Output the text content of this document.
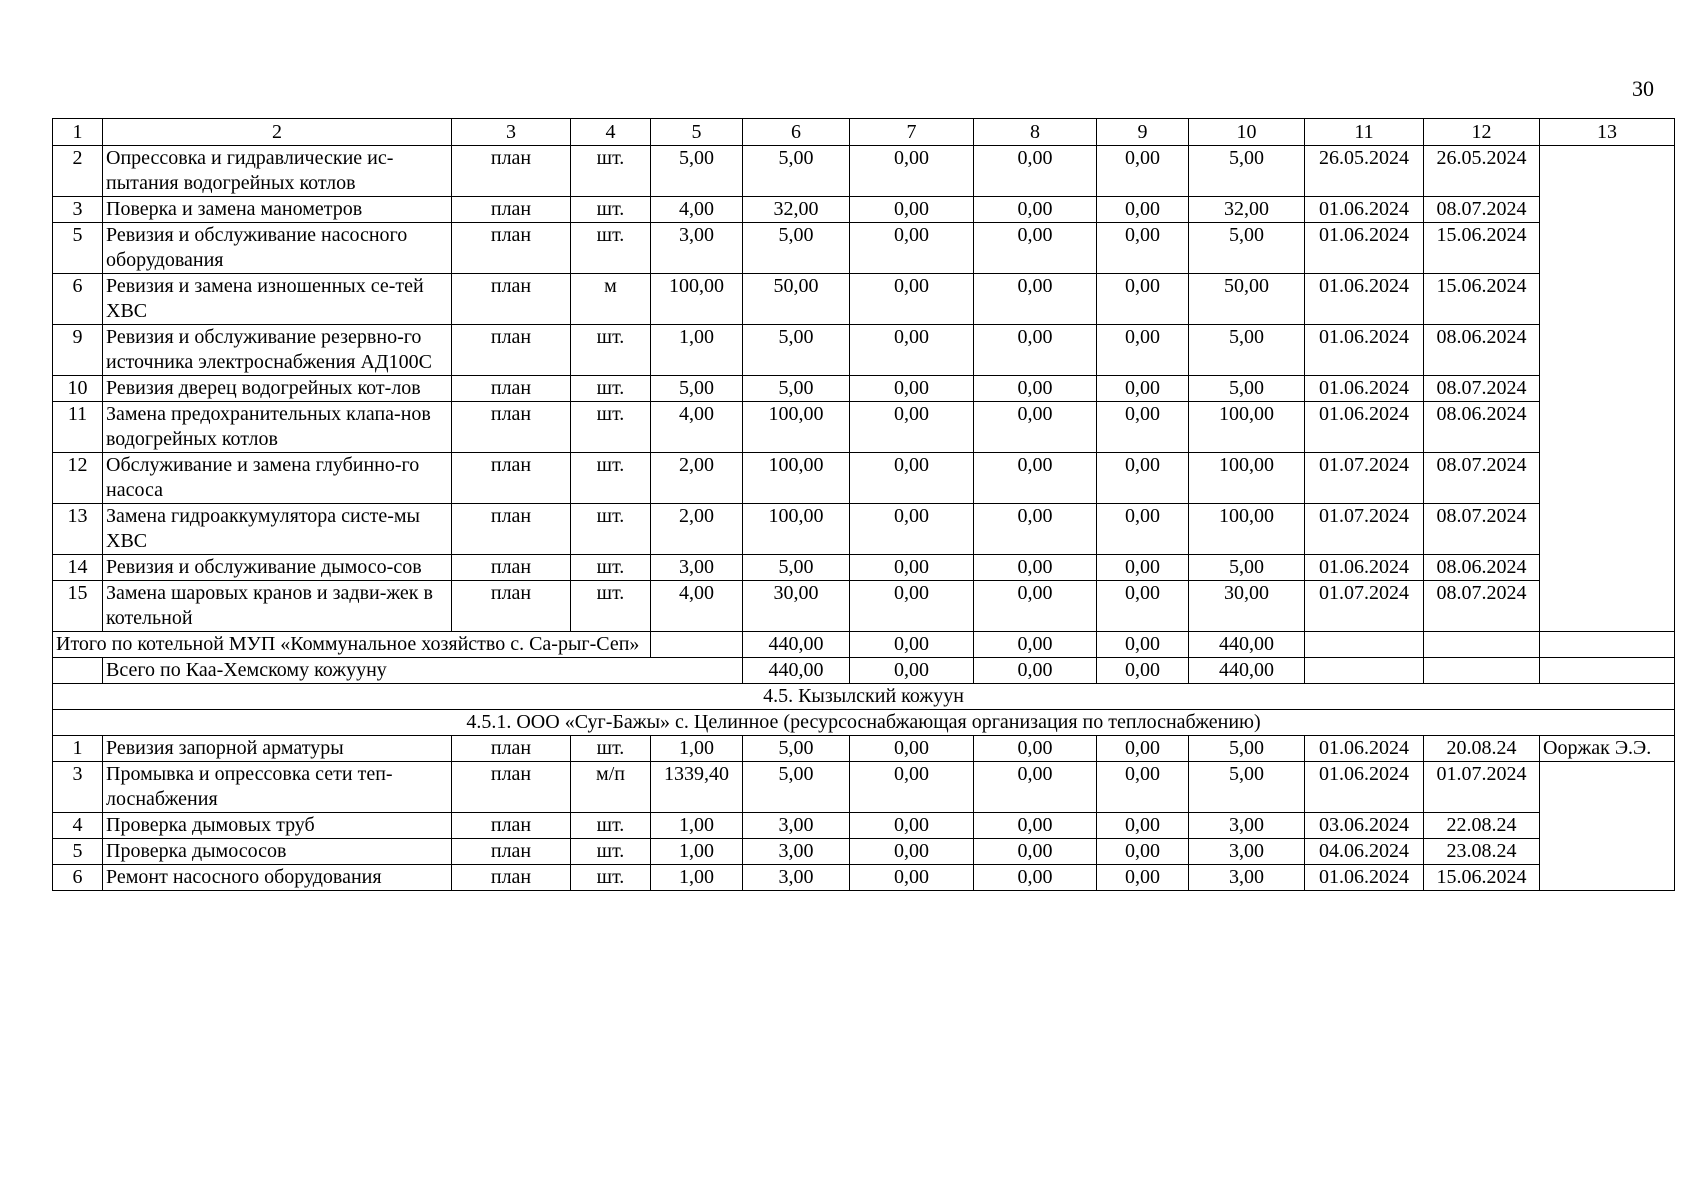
30
1	2	3	4	5	6	7	8	9	10	11	12	13
2	Опрессовка и гидравлические ис-пытания водогрейных котлов	план	шт.	5,00	5,00	0,00	0,00	0,00	5,00	26.05.2024	26.05.2024	
3	Поверка и замена манометров	план	шт.	4,00	32,00	0,00	0,00	0,00	32,00	01.06.2024	08.07.2024	
5	Ревизия и обслуживание насосного оборудования	план	шт.	3,00	5,00	0,00	0,00	0,00	5,00	01.06.2024	15.06.2024	
6	Ревизия и замена изношенных се-тей ХВС	план	м	100,00	50,00	0,00	0,00	0,00	50,00	01.06.2024	15.06.2024	
9	Ревизия и обслуживание резервно-го источника электроснабжения АД100С	план	шт.	1,00	5,00	0,00	0,00	0,00	5,00	01.06.2024	08.06.2024	
10	Ревизия дверец водогрейных кот-лов	план	шт.	5,00	5,00	0,00	0,00	0,00	5,00	01.06.2024	08.07.2024	
11	Замена предохранительных клапа-нов водогрейных котлов	план	шт.	4,00	100,00	0,00	0,00	0,00	100,00	01.06.2024	08.06.2024	
12	Обслуживание и замена глубинно-го насоса	план	шт.	2,00	100,00	0,00	0,00	0,00	100,00	01.07.2024	08.07.2024	
13	Замена гидроаккумулятора систе-мы ХВС	план	шт.	2,00	100,00	0,00	0,00	0,00	100,00	01.07.2024	08.07.2024	
14	Ревизия и обслуживание дымосо-сов	план	шт.	3,00	5,00	0,00	0,00	0,00	5,00	01.06.2024	08.06.2024	
15	Замена шаровых кранов и задви-жек в котельной	план	шт.	4,00	30,00	0,00	0,00	0,00	30,00	01.07.2024	08.07.2024	
Итого по котельной МУП «Коммунальное хозяйство с. Са-рыг-Сеп»					440,00	0,00	0,00	0,00	440,00			
	Всего по Каа-Хемскому кожууну				440,00	0,00	0,00	0,00	440,00			
4.5. Кызылский кожуун												
4.5.1. ООО «Суг-Бажы» с. Целинное (ресурсоснабжающая организация по теплоснабжению)												
1	Ревизия запорной арматуры	план	шт.	1,00	5,00	0,00	0,00	0,00	5,00	01.06.2024	20.08.24	Ооржак Э.Э.
3	Промывка и опрессовка сети теп-лоснабжения	план	м/п	1339,40	5,00	0,00	0,00	0,00	5,00	01.06.2024	01.07.2024	
4	Проверка дымовых труб	план	шт.	1,00	3,00	0,00	0,00	0,00	3,00	03.06.2024	22.08.24	
5	Проверка дымососов	план	шт.	1,00	3,00	0,00	0,00	0,00	3,00	04.06.2024	23.08.24	
6	Ремонт насосного оборудования	план	шт.	1,00	3,00	0,00	0,00	0,00	3,00	01.06.2024	15.06.2024	
